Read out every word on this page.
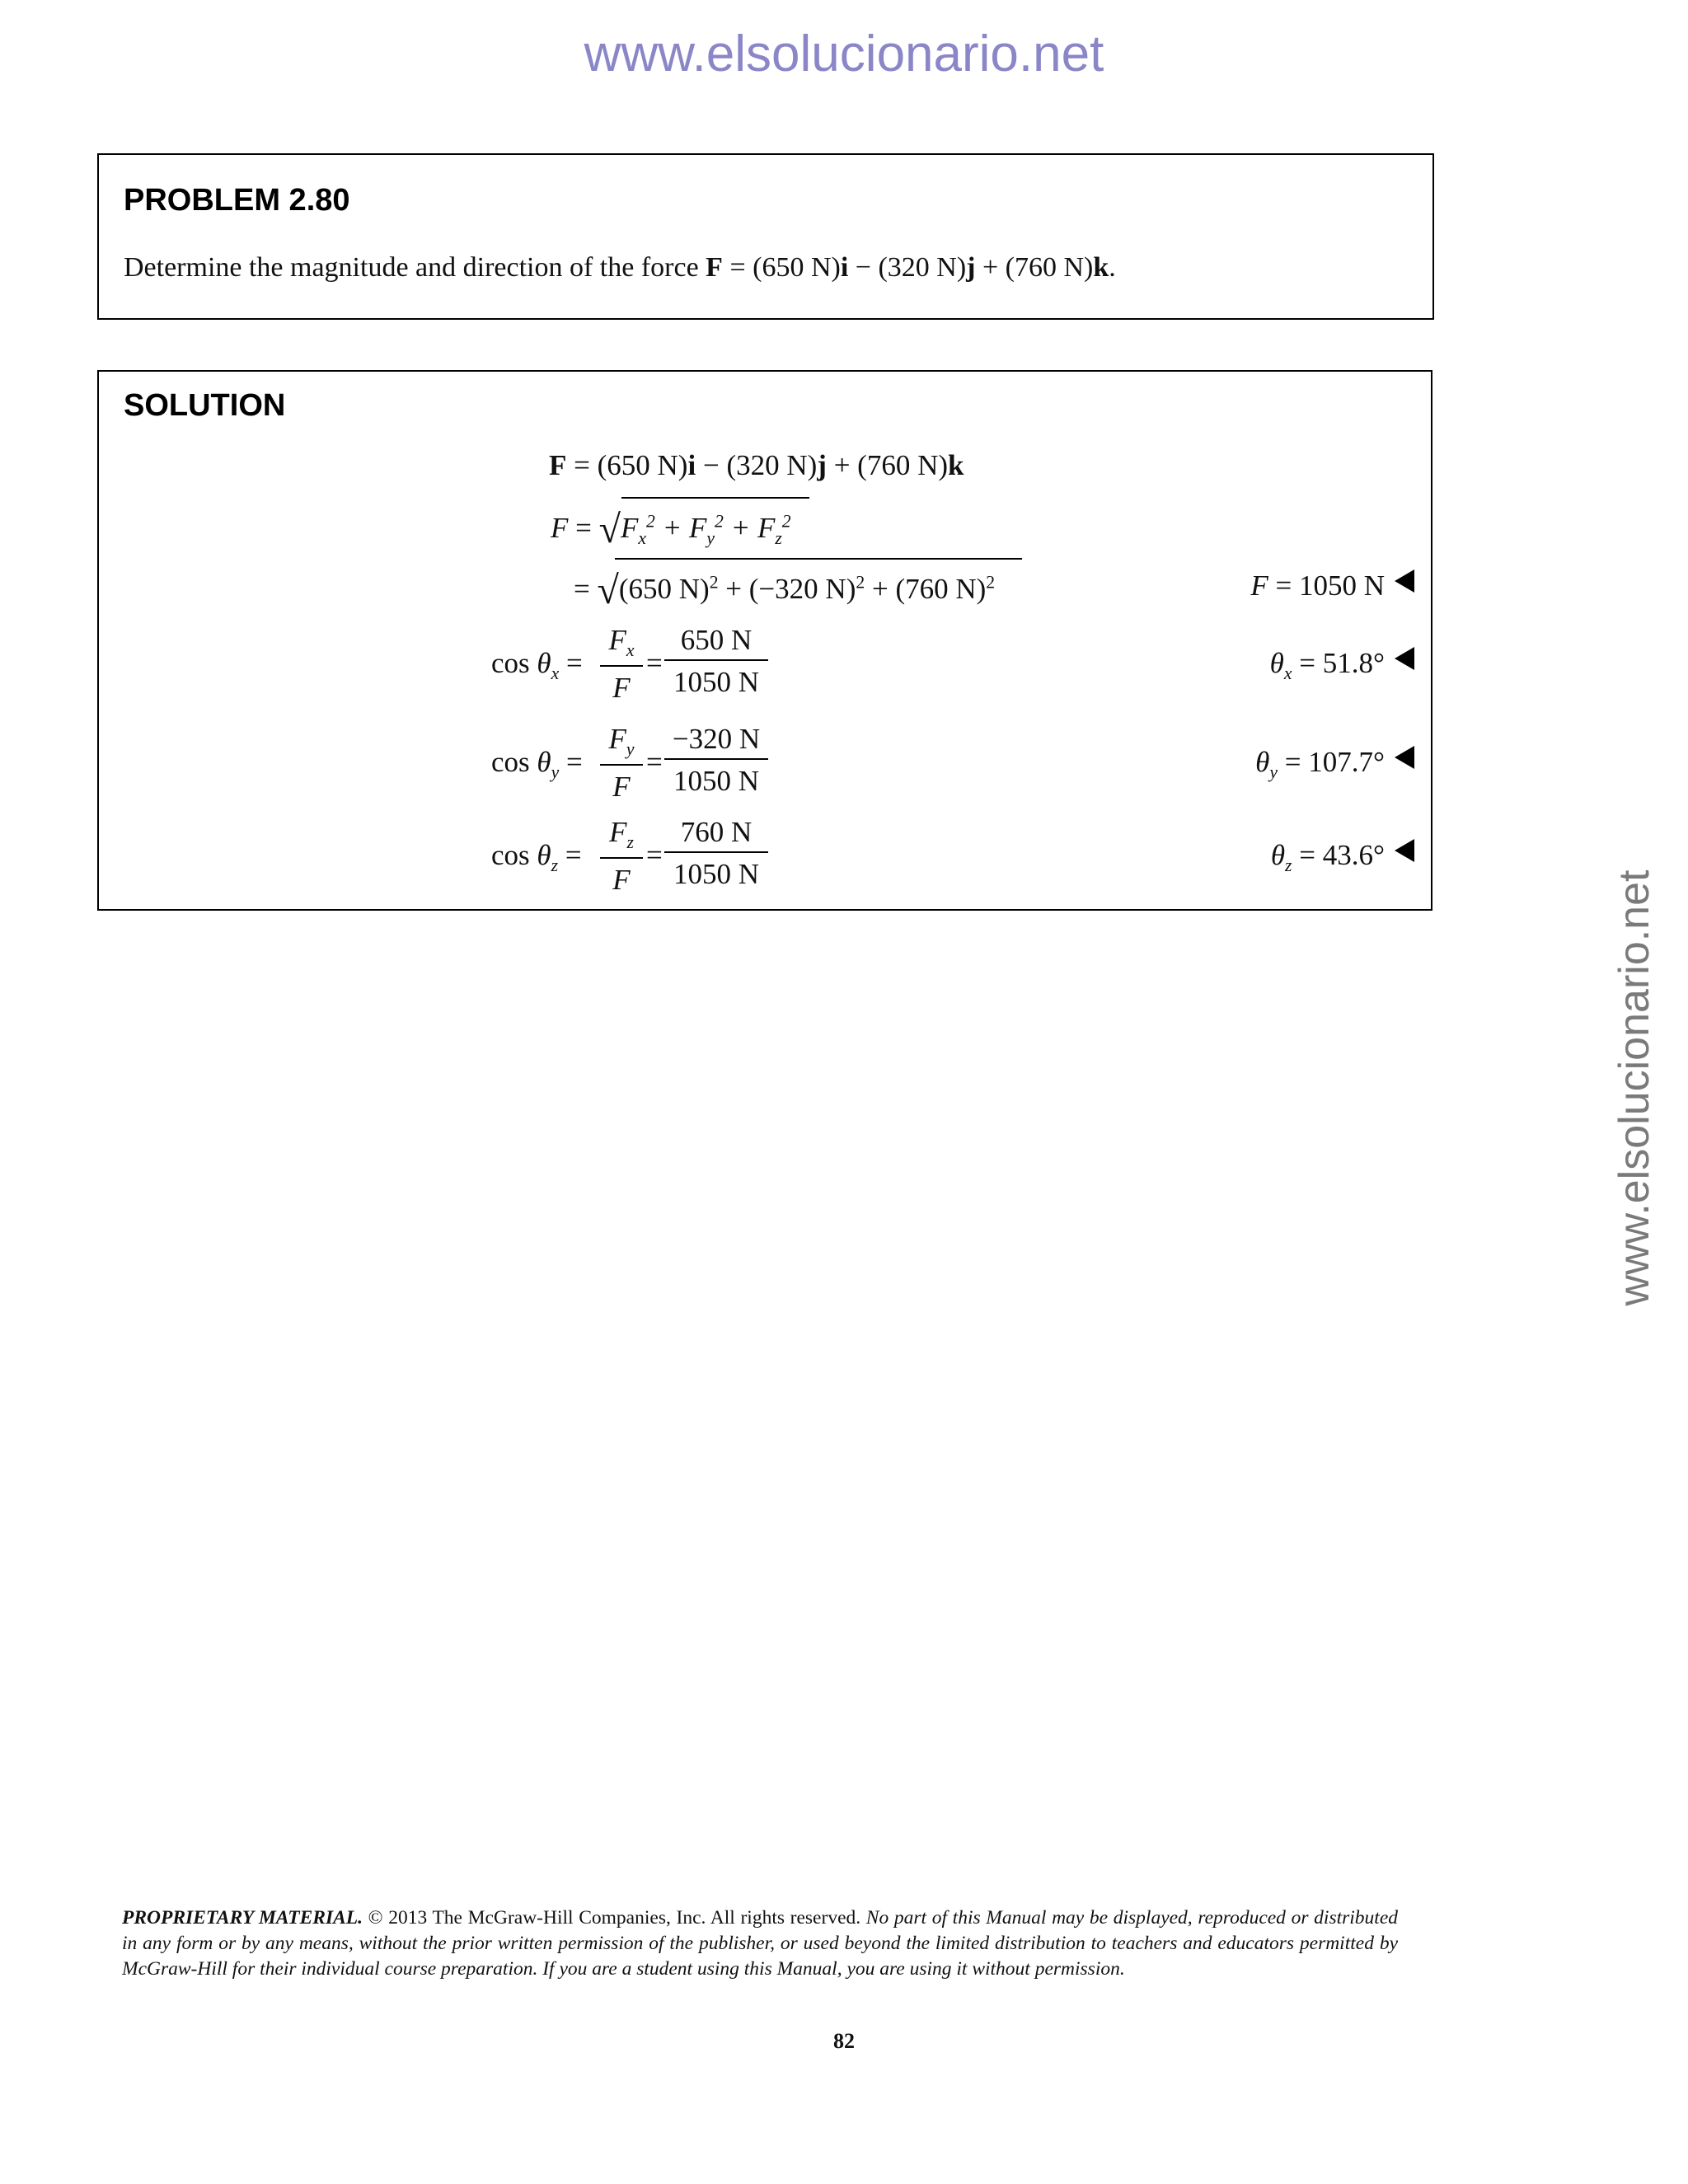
www.elsolucionario.net
www.elsolucionario.net
PROBLEM 2.80
Determine the magnitude and direction of the force F = (650 N)i − (320 N)j + (760 N)k.
SOLUTION
F = (650 N)i − (320 N)j + (760 N)k
$F = √F_x^2 + F_y^2 + F_z^2$
= √(650 N)$^2$ + (−320 N)$^2$ + (760 N)$^2$	F = 1050 N
$\cos \theta_x = \frac{F_x}{F} = \frac{650 N}{1050 N}$	$\theta_x = 51.8^\circ$
$\cos \theta_y = \frac{F_y}{F} = \frac{-320 N}{1050 N}$	$\theta_y = 107.7^\circ$
$\cos \theta_z = \frac{F_z}{F} = \frac{760 N}{1050 N}$	$\theta_z = 43.6^\circ$
PROPRIETARY MATERIAL. © 2013 The McGraw-Hill Companies, Inc. All rights reserved. No part of this Manual may be displayed, reproduced or distributed in any form or by any means, without the prior written permission of the publisher, or used beyond the limited distribution to teachers and educators permitted by McGraw-Hill for their individual course preparation. If you are a student using this Manual, you are using it without permission.
82
